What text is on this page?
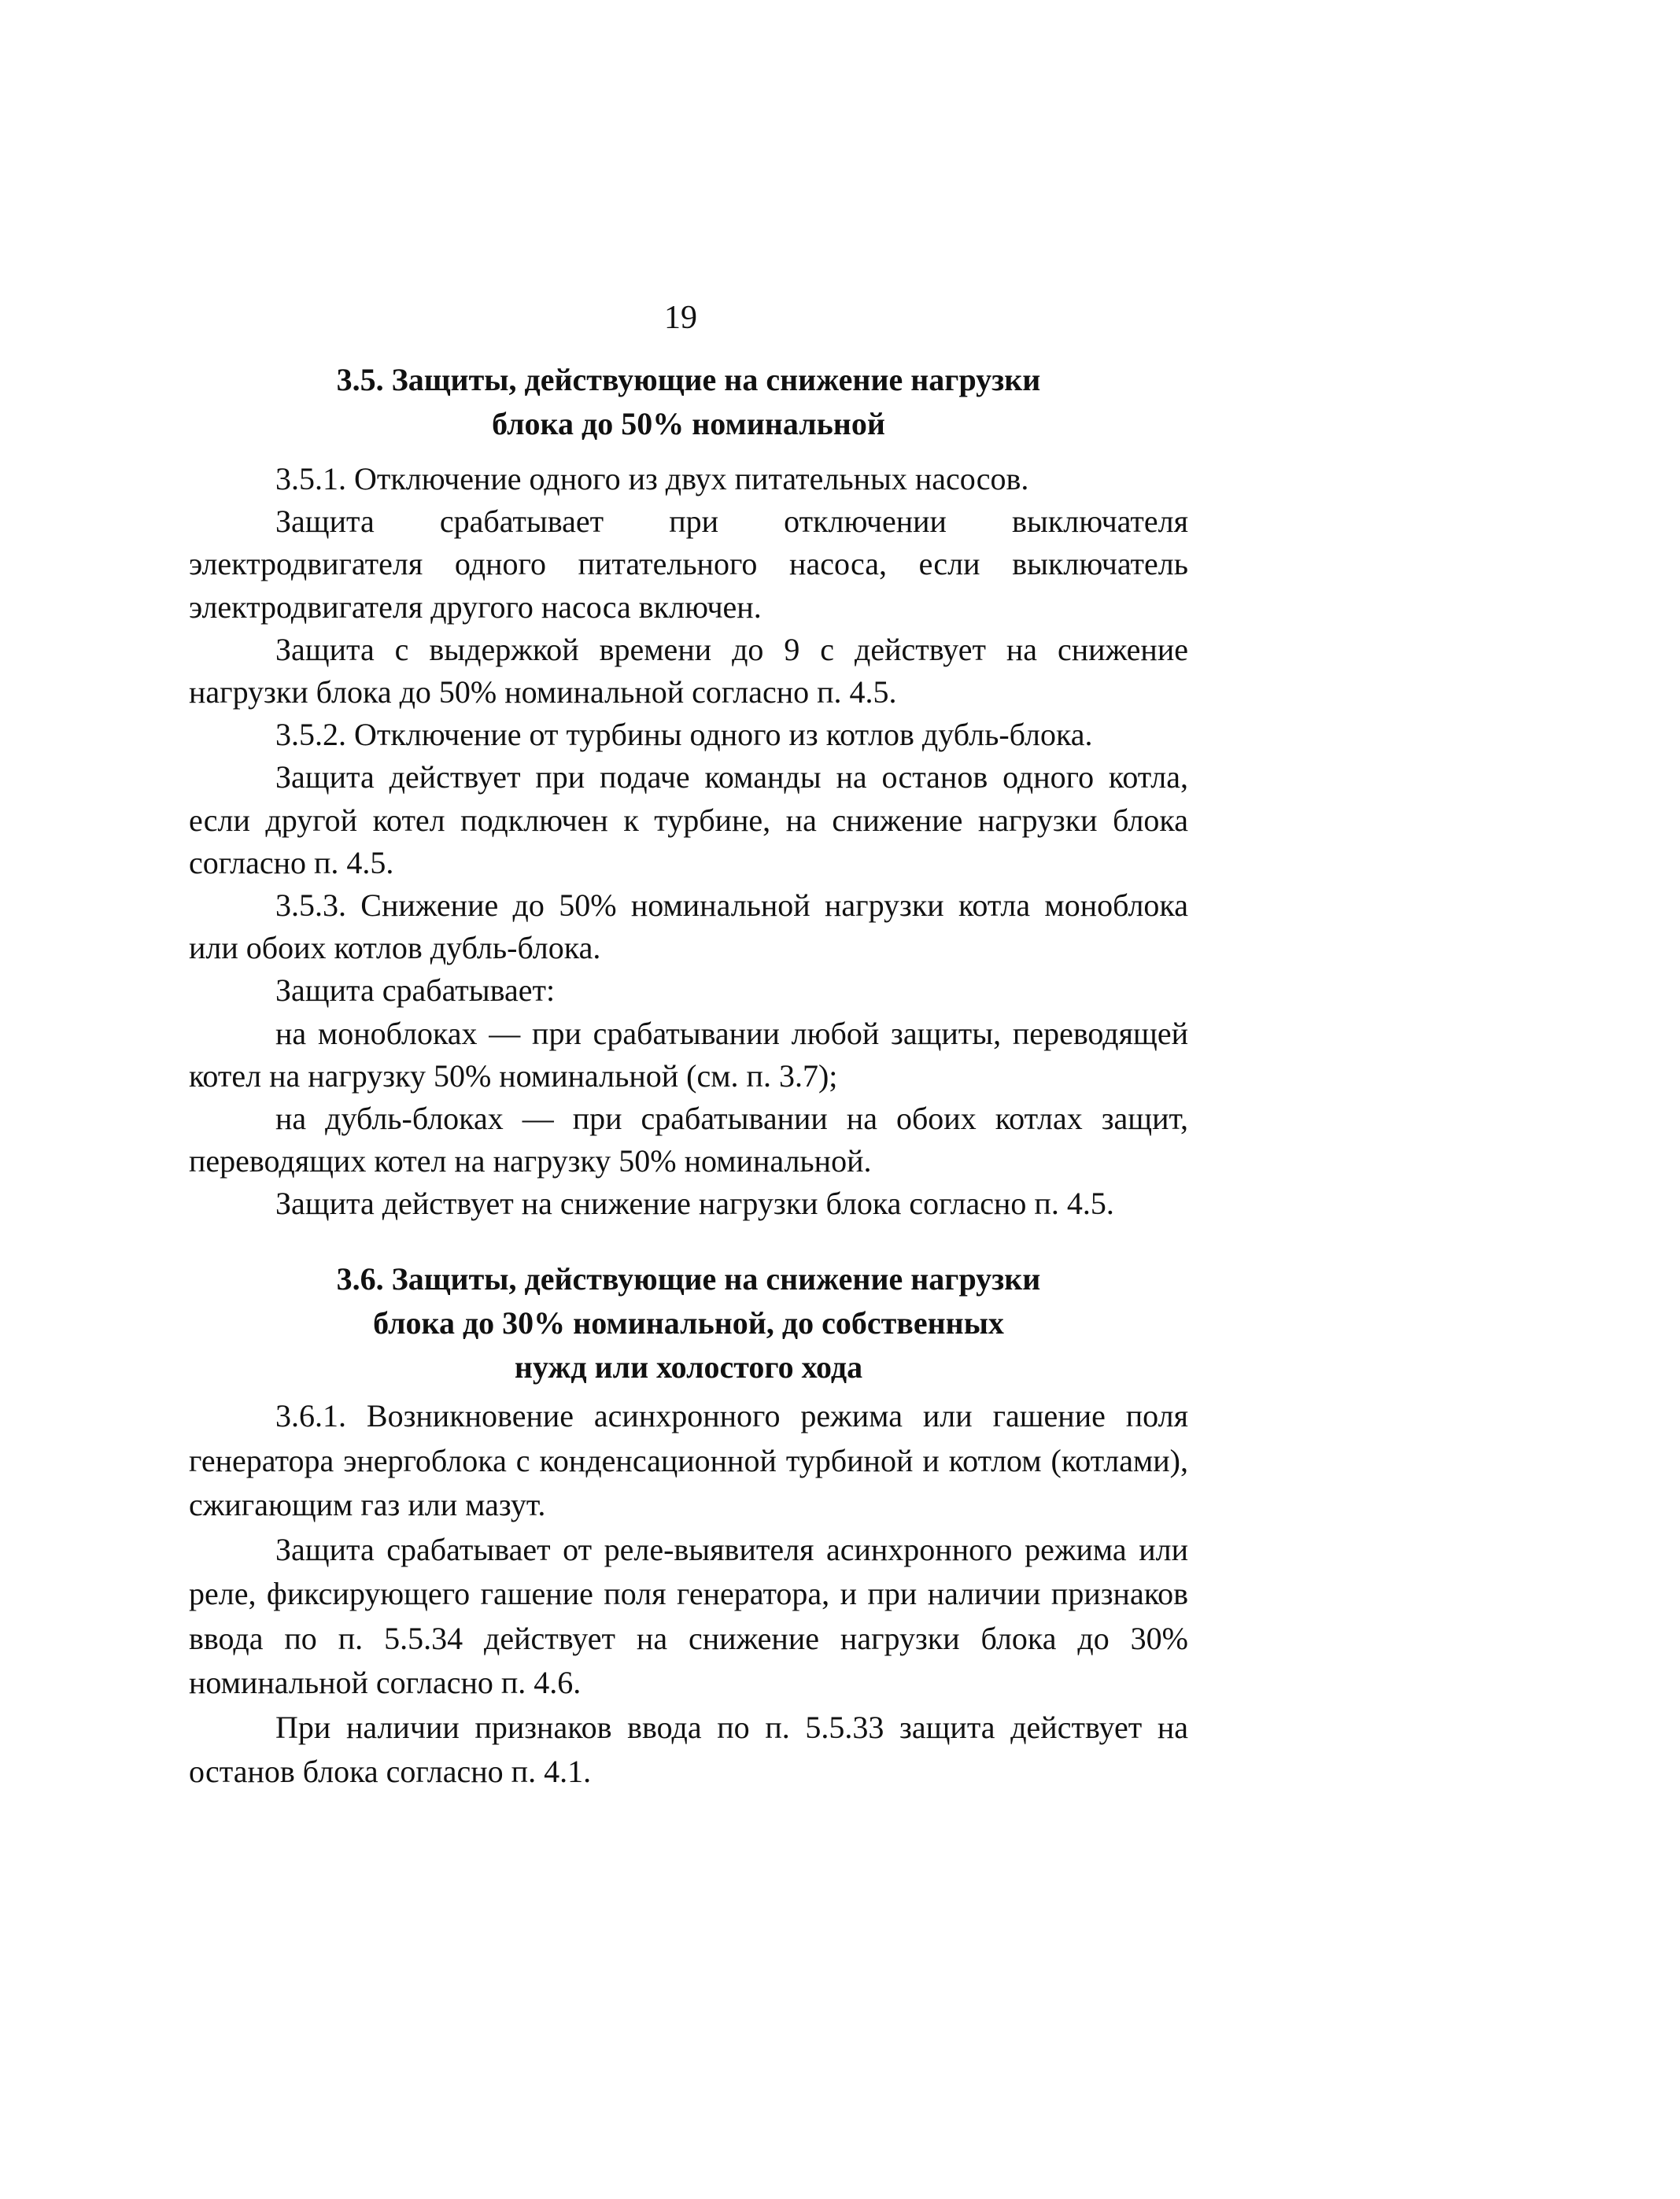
19
3.5. Защиты, действующие на снижение нагрузки
блока до 50% номинальной

3.5.1. Отключение одного из двух питательных насосов.

Защита срабатывает при отключении выключателя электродвигателя одного питательного насоса, если выключатель электродвигателя другого насоса включен.

Защита с выдержкой времени до 9 с действует на снижение нагрузки блока до 50% номинальной согласно п. 4.5.

3.5.2. Отключение от турбины одного из котлов дубль-блока.

Защита действует при подаче команды на останов одного котла, если другой котел подключен к турбине, на снижение нагрузки блока согласно п. 4.5.

3.5.3. Снижение до 50% номинальной нагрузки котла моноблока или обоих котлов дубль-блока.

Защита срабатывает:

на моноблоках — при срабатывании любой защиты, переводящей котел на нагрузку 50% номинальной (см. п. 3.7);

на дубль-блоках — при срабатывании на обоих котлах защит, переводящих котел на нагрузку 50% номинальной.

Защита действует на снижение нагрузки блока согласно п. 4.5.

3.6. Защиты, действующие на снижение нагрузки
блока до 30% номинальной, до собственных
нужд или холостого хода

3.6.1. Возникновение асинхронного режима или гашение поля генератора энергоблока с конденсационной турбиной и котлом (котлами), сжигающим газ или мазут.

Защита срабатывает от реле-выявителя асинхронного режима или реле, фиксирующего гашение поля генератора, и при наличии признаков ввода по п. 5.5.34 действует на снижение нагрузки блока до 30% номинальной согласно п. 4.6.

При наличии признаков ввода по п. 5.5.33 защита действует на останов блока согласно п. 4.1.
